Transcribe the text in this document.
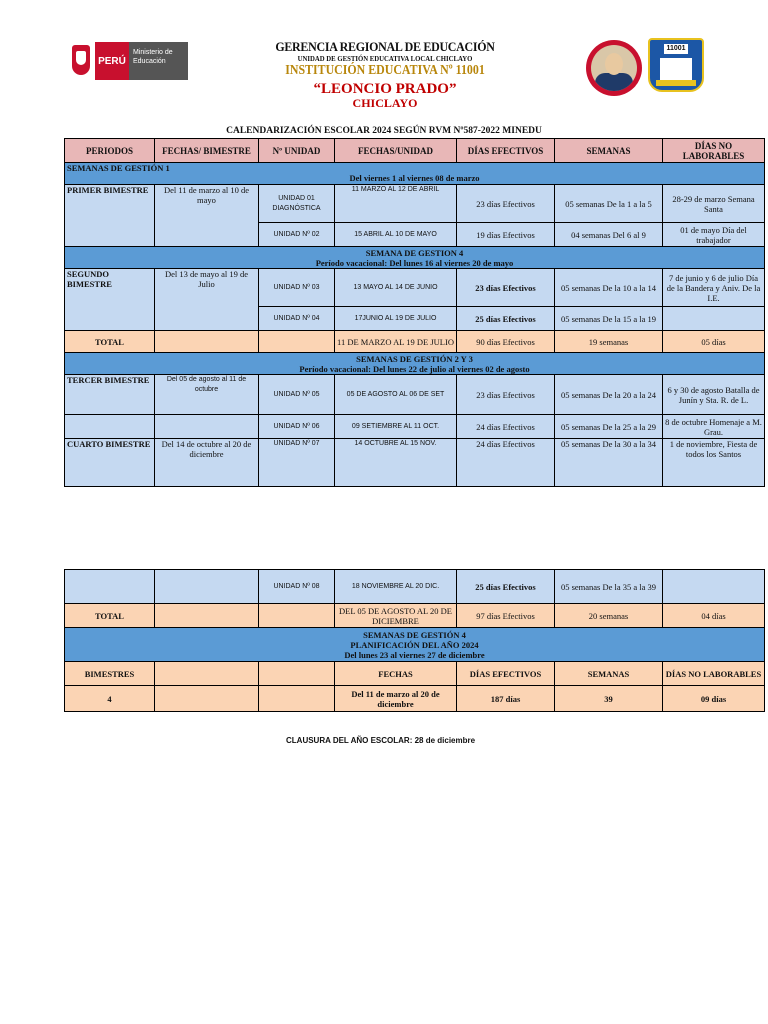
PERÚ
Ministerio de Educación
GERENCIA REGIONAL DE EDUCACIÓN
UNIDAD DE GESTIÓN EDUCATIVA LOCAL CHICLAYO
INSTITUCIÓN EDUCATIVA Nº 11001
“LEONCIO PRADO”
CHICLAYO
11001
CALENDARIZACIÓN ESCOLAR 2024 SEGÚN RVM Nº587-2022 MINEDU
PERIODOS	FECHAS/ BIMESTRE	Nº UNIDAD	FECHAS/UNIDAD	DÍAS EFECTIVOS	SEMANAS	DÍAS NO LABORABLES

SEMANAS DE GESTIÓN 1
Del viernes 1 al viernes 08 de marzo						

PRIMER BIMESTRE	Del 11 de marzo al 10 de mayo	UNIDAD 01 DIAGNÓSTICA	11 MARZO AL 12 DE ABRIL	23 días Efectivos	05 semanas De la 1 a la 5	28-29 de marzo Semana Santa
		UNIDAD Nº 02	15 ABRIL AL 10 DE MAYO	19 días Efectivos	04 semanas Del 6 al 9	01 de mayo Día del trabajador

SEMANA DE GESTION 4
Período vacacional: Del lunes 16 al viernes 20 de mayo						

SEGUNDO BIMESTRE	Del 13 de mayo al 19 de Julio	UNIDAD Nº 03	13 MAYO AL 14 DE JUNIO	23 días Efectivos	05 semanas De la 10 a la 14	7 de junio y 6 de julio Día de la Bandera y Aniv. De la I.E.
		UNIDAD Nº 04	17JUNIO AL 19 DE JULIO	25 días Efectivos	05 semanas De la 15 a la 19	
TOTAL			11 DE MARZO AL 19 DE JULIO	90 días Efectivos	19 semanas	05 días

SEMANAS DE GESTIÓN 2 Y 3
Período vacacional: Del lunes 22 de julio al viernes 02 de agosto						

TERCER BIMESTRE	Del 05 de agosto al 11 de octubre	UNIDAD Nº 05	05 DE AGOSTO AL 06 DE SET	23 días Efectivos	05 semanas De la 20 a la 24	6 y 30 de agosto Batalla de Junín y Sta. R. de L.
		UNIDAD Nº 06	09 SETIEMBRE AL 11 OCT.	24 días Efectivos	05 semanas De la 25 a la 29	8 de octubre Homenaje a M. Grau.
CUARTO BIMESTRE	Del 14 de octubre al 20 de diciembre	UNIDAD Nº 07	14 OCTUBRE AL 15 NOV.	24 días Efectivos	05 semanas De la 30 a la 34	1 de noviembre, Fiesta de todos los Santos
		UNIDAD Nº 08	18 NOVIEMBRE AL 20 DIC.	25 días Efectivos	05 semanas De la 35 a la 39	
TOTAL			DEL 05 DE AGOSTO AL 20 DE DICIEMBRE	97 días Efectivos	20 semanas	04 días

SEMANAS DE GESTIÓN 4
PLANIFICACIÓN DEL AÑO 2024
Del lunes 23 al viernes 27 de diciembre						

BIMESTRES			FECHAS	DÍAS EFECTIVOS	SEMANAS	DÍAS NO LABORABLES
4			Del 11 de marzo al 20 de diciembre	187 días	39	09 días
CLAUSURA DEL AÑO ESCOLAR: 28 de diciembre
